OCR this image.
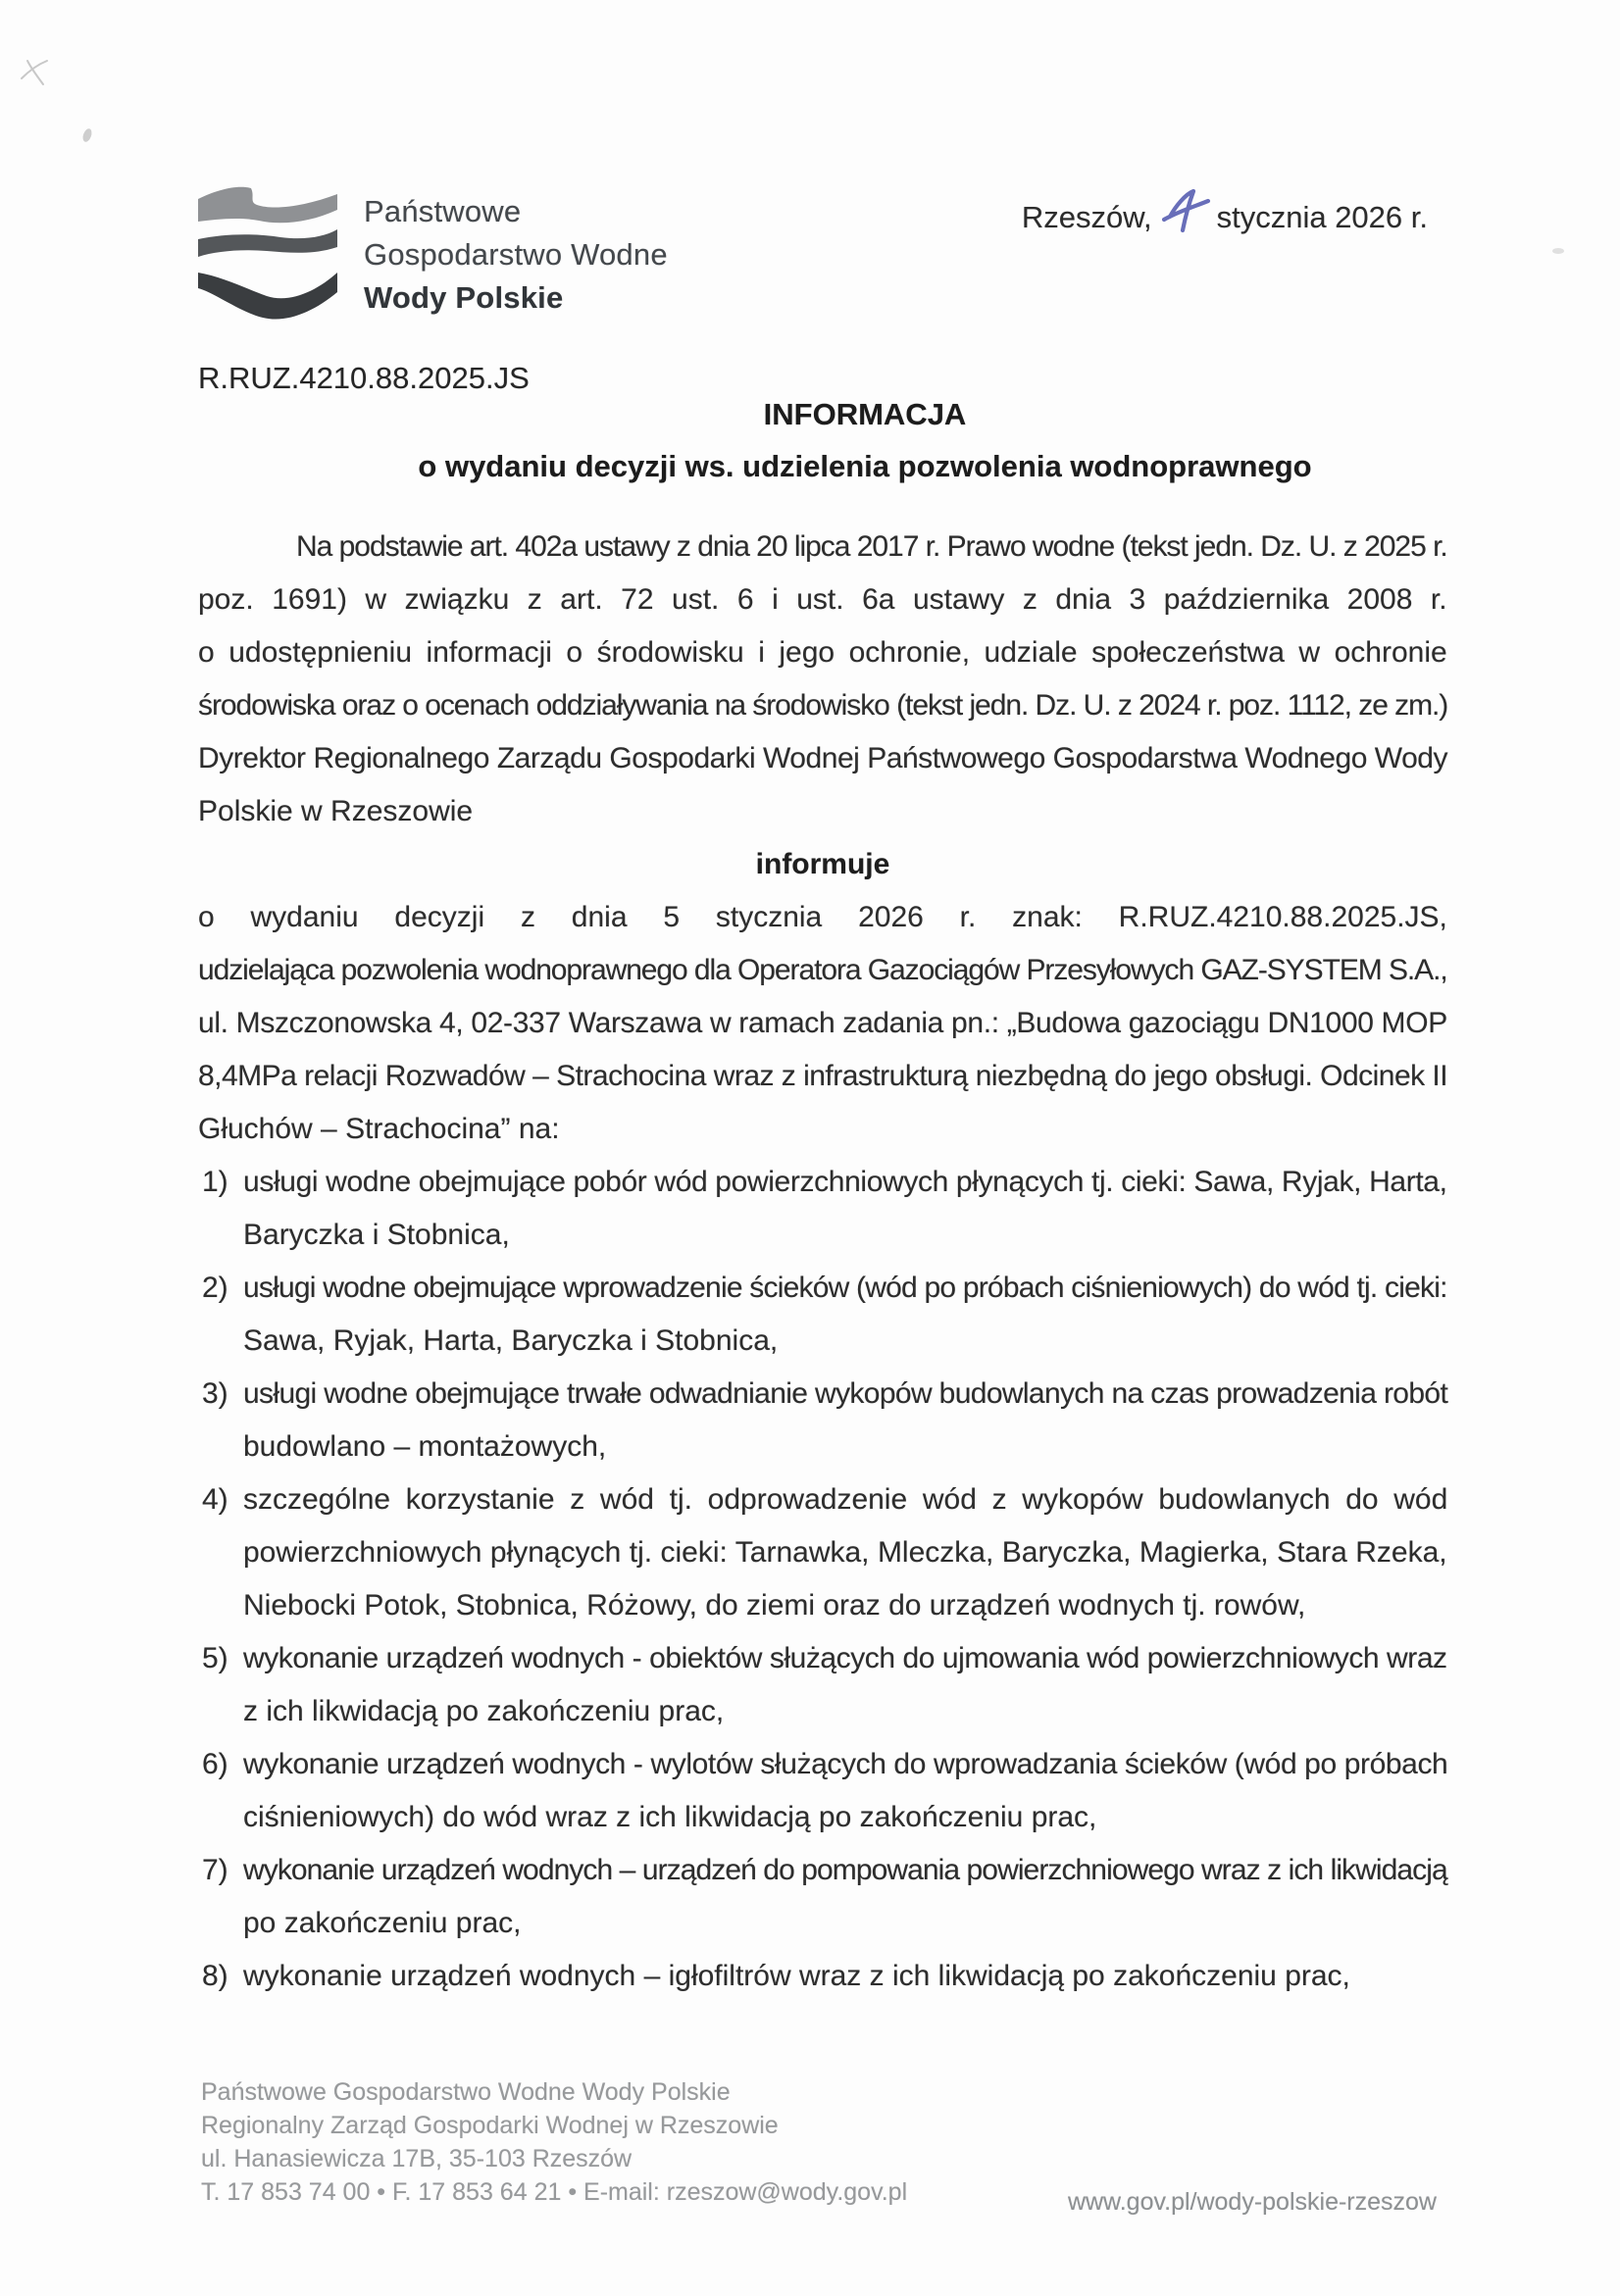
Państwowe
Gospodarstwo Wodne
Wody Polskie
Rzeszów, stycznia 2026 r.
R.RUZ.4210.88.2025.JS
INFORMACJA
o wydaniu decyzji ws. udzielenia pozwolenia wodnoprawnego
Na podstawie art. 402a ustawy z dnia 20 lipca 2017 r. Prawo wodne (tekst jedn. Dz. U. z 2025 r.
poz. 1691) w związku z art. 72 ust. 6 i ust. 6a ustawy z dnia 3 października 2008 r.
o udostępnieniu informacji o środowisku i jego ochronie, udziale społeczeństwa w ochronie
środowiska oraz o ocenach oddziaływania na środowisko (tekst jedn. Dz. U. z 2024 r. poz. 1112, ze zm.)
Dyrektor Regionalnego Zarządu Gospodarki Wodnej Państwowego Gospodarstwa Wodnego Wody
Polskie w Rzeszowie
informuje
o wydaniu decyzji z dnia 5 stycznia 2026 r. znak: R.RUZ.4210.88.2025.JS,
udzielająca pozwolenia wodnoprawnego dla Operatora Gazociągów Przesyłowych GAZ-SYSTEM S.A.,
ul. Mszczonowska 4, 02-337 Warszawa w ramach zadania pn.: „Budowa gazociągu DN1000 MOP
8,4MPa relacji Rozwadów – Strachocina wraz z infrastrukturą niezbędną do jego obsługi. Odcinek II
Głuchów – Strachocina” na:
1) usługi wodne obejmujące pobór wód powierzchniowych płynących tj. cieki: Sawa, Ryjak, Harta,
Baryczka i Stobnica,
2) usługi wodne obejmujące wprowadzenie ścieków (wód po próbach ciśnieniowych) do wód tj. cieki:
Sawa, Ryjak, Harta, Baryczka i Stobnica,
3) usługi wodne obejmujące trwałe odwadnianie wykopów budowlanych na czas prowadzenia robót
budowlano – montażowych,
4) szczególne korzystanie z wód tj. odprowadzenie wód z wykopów budowlanych do wód
powierzchniowych płynących tj. cieki: Tarnawka, Mleczka, Baryczka, Magierka, Stara Rzeka,
Niebocki Potok, Stobnica, Różowy, do ziemi oraz do urządzeń wodnych tj. rowów,
5) wykonanie urządzeń wodnych - obiektów służących do ujmowania wód powierzchniowych wraz
z ich likwidacją po zakończeniu prac,
6) wykonanie urządzeń wodnych - wylotów służących do wprowadzania ścieków (wód po próbach
ciśnieniowych) do wód wraz z ich likwidacją po zakończeniu prac,
7) wykonanie urządzeń wodnych – urządzeń do pompowania powierzchniowego wraz z ich likwidacją
po zakończeniu prac,
8) wykonanie urządzeń wodnych – igłofiltrów wraz z ich likwidacją po zakończeniu prac,
Państwowe Gospodarstwo Wodne Wody Polskie
Regionalny Zarząd Gospodarki Wodnej w Rzeszowie
ul. Hanasiewicza 17B, 35-103 Rzeszów
T. 17 853 74 00 • F. 17 853 64 21 • E-mail: rzeszow@wody.gov.pl	www.gov.pl/wody-polskie-rzeszow
